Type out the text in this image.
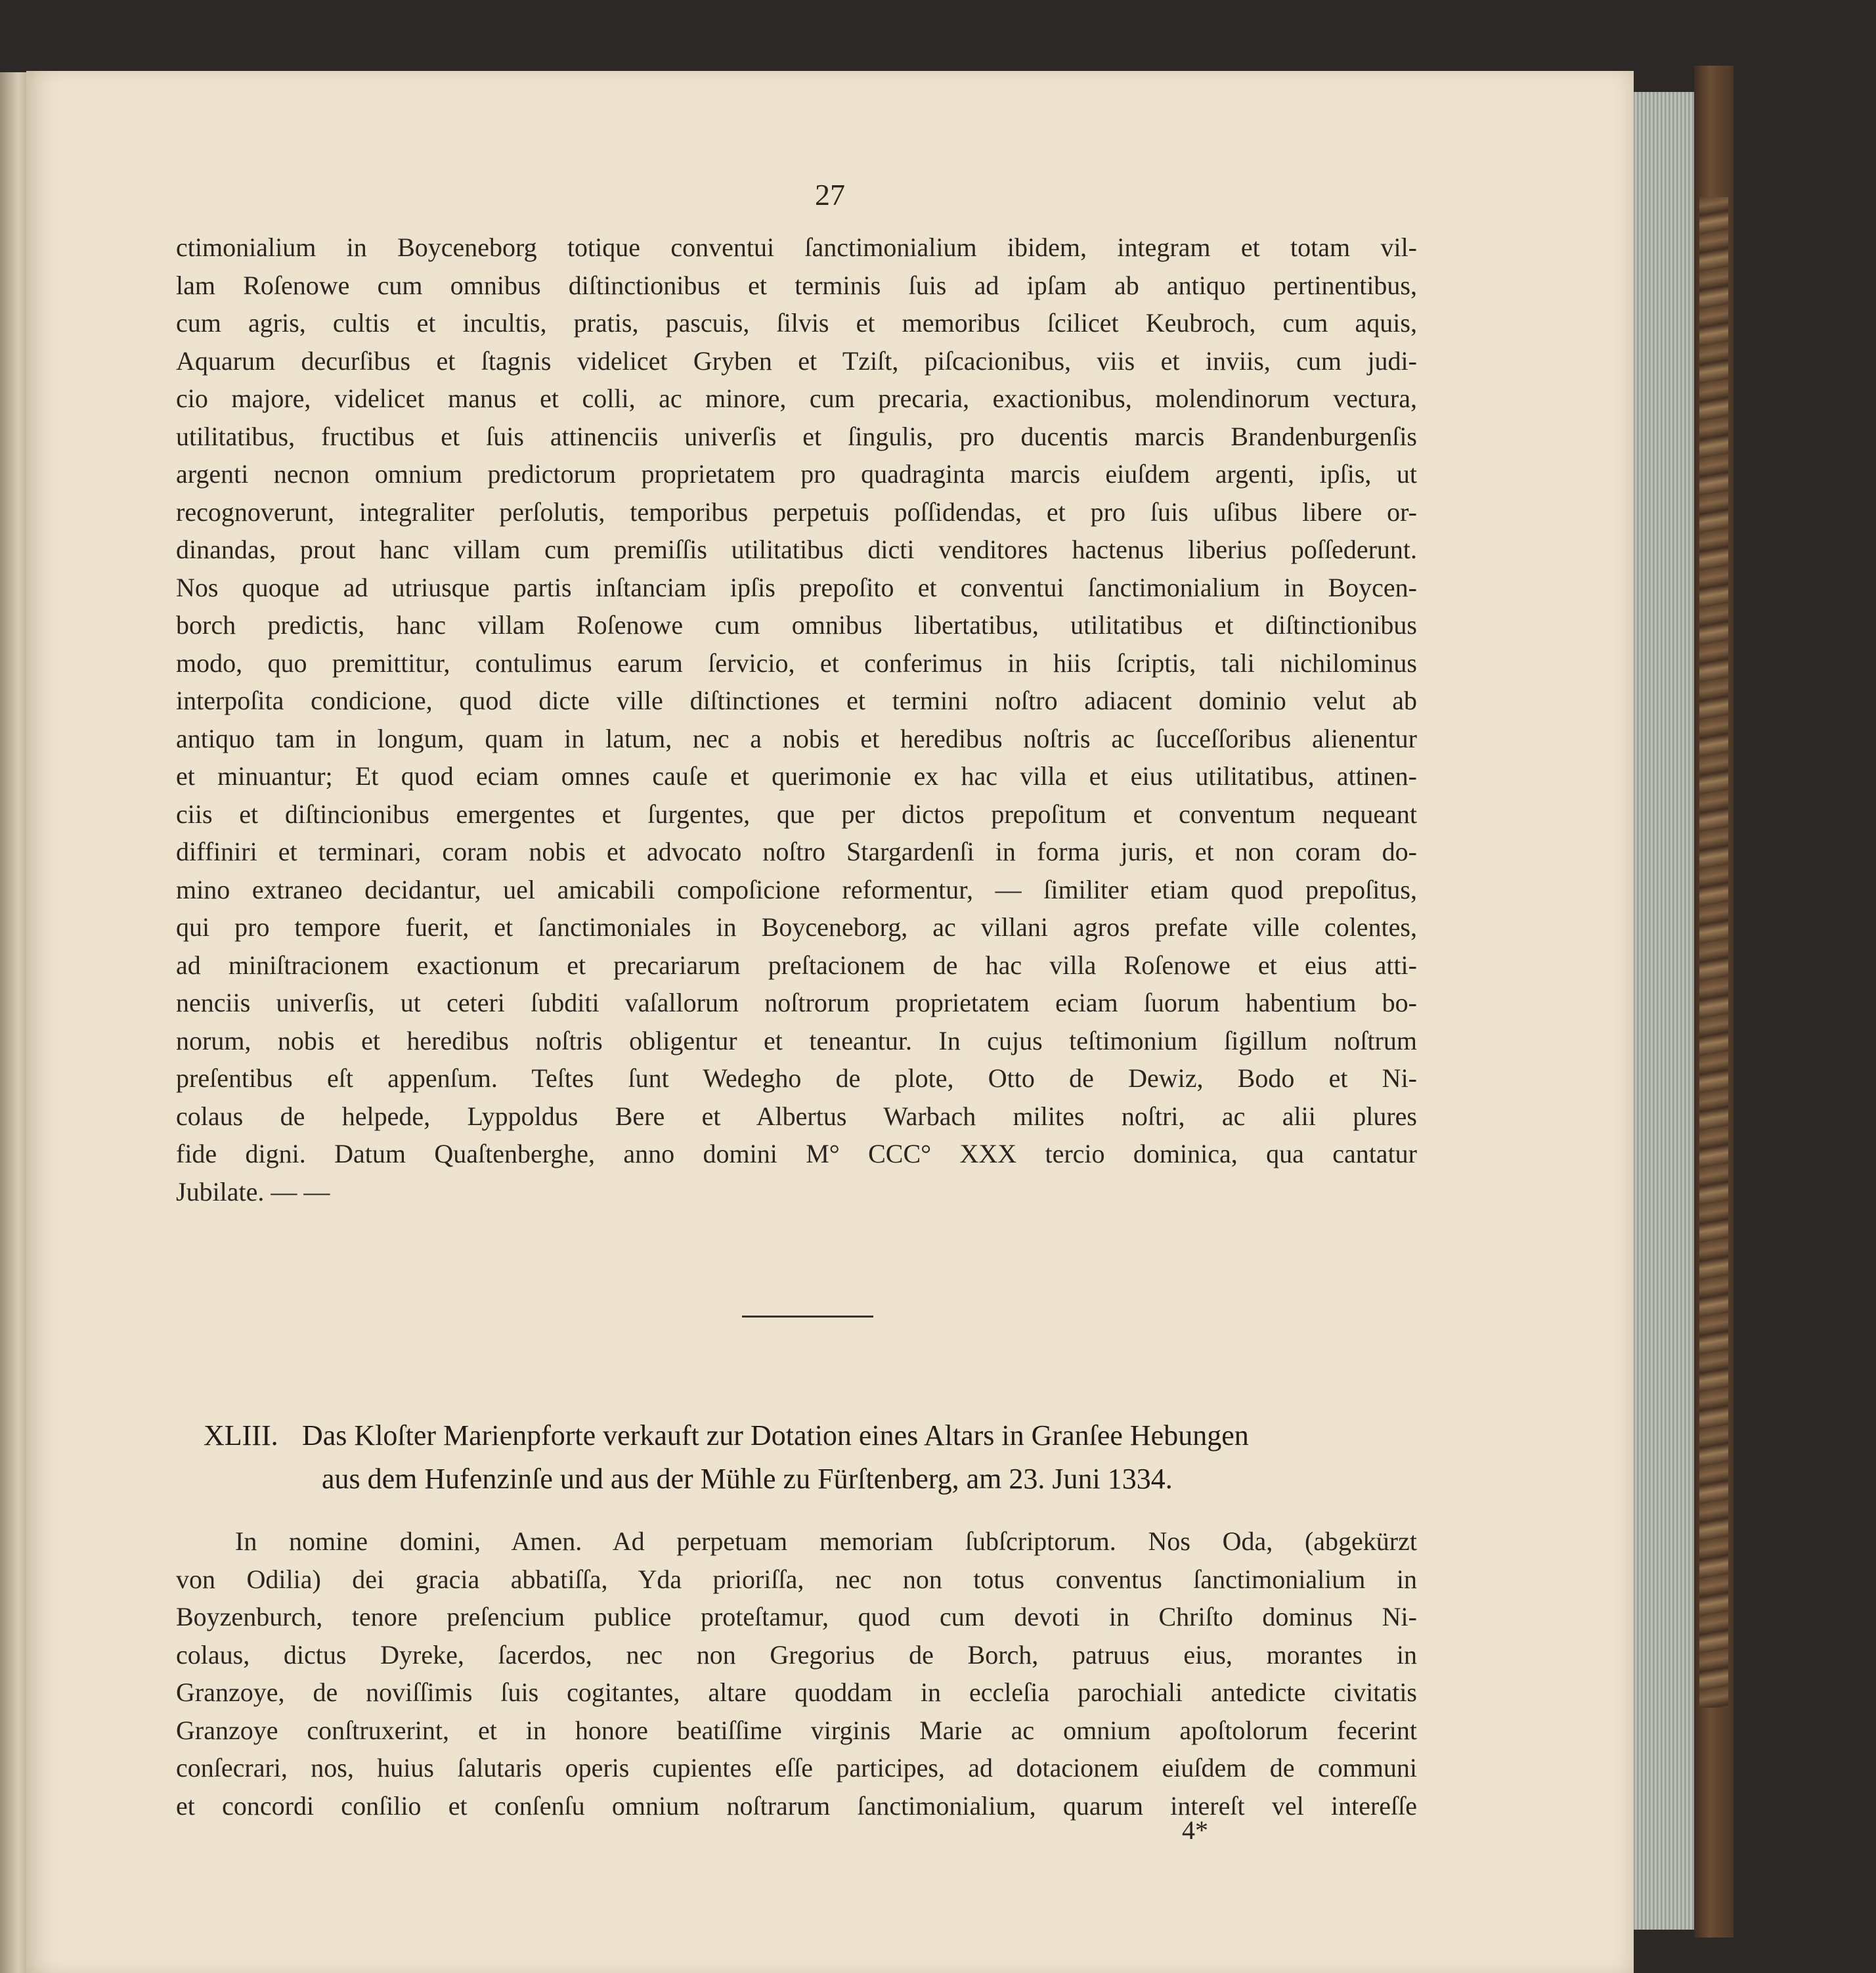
27
ctimonialium in Boyceneborg totique conventui ſanctimonialium ibidem, integram et totam vil-
lam Roſenowe cum omnibus diſtinctionibus et terminis ſuis ad ipſam ab antiquo pertinentibus,
cum agris, cultis et incultis, pratis, pascuis, ſilvis et memoribus ſcilicet Keubroch, cum aquis,
Aquarum decurſibus et ſtagnis videlicet Gryben et Tziſt, piſcacionibus, viis et inviis, cum judi-
cio majore, videlicet manus et colli, ac minore, cum precaria, exactionibus, molendinorum vectura,
utilitatibus, fructibus et ſuis attinenciis univerſis et ſingulis, pro ducentis marcis Brandenburgenſis
argenti necnon omnium predictorum proprietatem pro quadraginta marcis eiuſdem argenti, ipſis, ut
recognoverunt, integraliter perſolutis, temporibus perpetuis poſſidendas, et pro ſuis uſibus libere or-
dinandas, prout hanc villam cum premiſſis utilitatibus dicti venditores hactenus liberius poſſederunt.
Nos quoque ad utriusque partis inſtanciam ipſis prepoſito et conventui ſanctimonialium in Boycen-
borch predictis, hanc villam Roſenowe cum omnibus libertatibus, utilitatibus et diſtinctionibus
modo, quo premittitur, contulimus earum ſervicio, et conferimus in hiis ſcriptis, tali nichilominus
interpoſita condicione, quod dicte ville diſtinctiones et termini noſtro adiacent dominio velut ab
antiquo tam in longum, quam in latum, nec a nobis et heredibus noſtris ac ſucceſſoribus alienentur
et minuantur; Et quod eciam omnes cauſe et querimonie ex hac villa et eius utilitatibus, attinen-
ciis et diſtincionibus emergentes et ſurgentes, que per dictos prepoſitum et conventum nequeant
diffiniri et terminari, coram nobis et advocato noſtro Stargardenſi in forma juris, et non coram do-
mino extraneo decidantur, uel amicabili compoſicione reformentur, — ſimiliter etiam quod prepoſitus,
qui pro tempore fuerit, et ſanctimoniales in Boyceneborg, ac villani agros prefate ville colentes,
ad miniſtracionem exactionum et precariarum preſtacionem de hac villa Roſenowe et eius atti-
nenciis univerſis, ut ceteri ſubditi vaſallorum noſtrorum proprietatem eciam ſuorum habentium bo-
norum, nobis et heredibus noſtris obligentur et teneantur. In cujus teſtimonium ſigillum noſtrum
preſentibus eſt appenſum. Teſtes ſunt Wedegho de plote, Otto de Dewiz, Bodo et Ni-
colaus de helpede, Lyppoldus Bere et Albertus Warbach milites noſtri, ac alii plures
fide digni. Datum Quaſtenberghe, anno domini M° CCC° XXX tercio dominica, qua cantatur
Jubilate. — —
XLIII. Das Kloſter Marienpforte verkauft zur Dotation eines Altars in Granſee Hebungen
aus dem Hufenzinſe und aus der Mühle zu Fürſtenberg, am 23. Juni 1334.
In nomine domini, Amen. Ad perpetuam memoriam ſubſcriptorum. Nos Oda, (abgekürzt
von Odilia) dei gracia abbatiſſa, Yda prioriſſa, nec non totus conventus ſanctimonialium in
Boyzenburch, tenore preſencium publice proteſtamur, quod cum devoti in Chriſto dominus Ni-
colaus, dictus Dyreke, ſacerdos, nec non Gregorius de Borch, patruus eius, morantes in
Granzoye, de noviſſimis ſuis cogitantes, altare quoddam in eccleſia parochiali antedicte civitatis
Granzoye conſtruxerint, et in honore beatiſſime virginis Marie ac omnium apoſtolorum fecerint
conſecrari, nos, huius ſalutaris operis cupientes eſſe participes, ad dotacionem eiuſdem de communi
et concordi conſilio et conſenſu omnium noſtrarum ſanctimonialium, quarum intereſt vel intereſſe
4*
